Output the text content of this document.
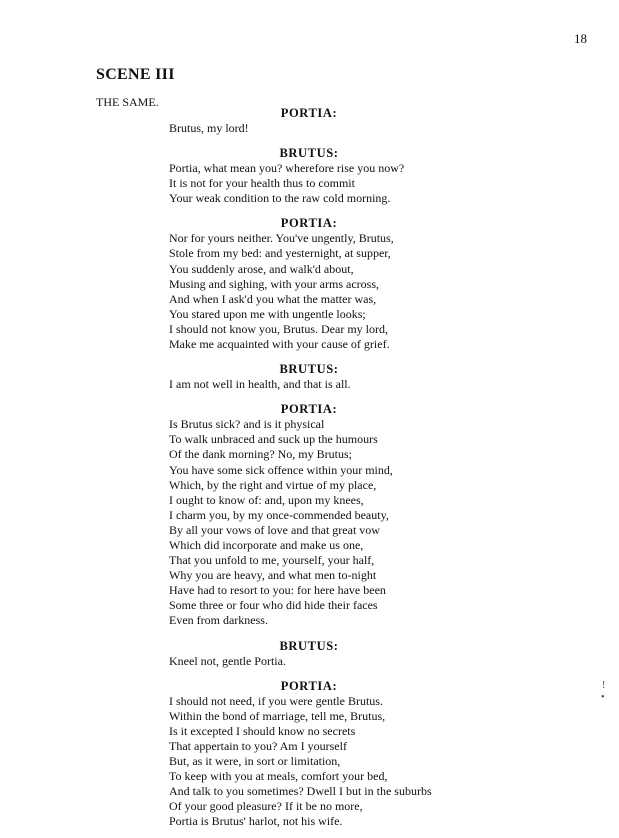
18
SCENE III
THE SAME.
PORTIA:
Brutus, my lord!
BRUTUS:
Portia, what mean you? wherefore rise you now?
It is not for your health thus to commit
Your weak condition to the raw cold morning.
PORTIA:
Nor for yours neither. You've ungently, Brutus,
Stole from my bed: and yesternight, at supper,
You suddenly arose, and walk'd about,
Musing and sighing, with your arms across,
And when I ask'd you what the matter was,
You stared upon me with ungentle looks;
I should not know you, Brutus. Dear my lord,
Make me acquainted with your cause of grief.
BRUTUS:
I am not well in health, and that is all.
PORTIA:
Is Brutus sick? and is it physical
To walk unbraced and suck up the humours
Of the dank morning? No, my Brutus;
You have some sick offence within your mind,
Which, by the right and virtue of my place,
I ought to know of: and, upon my knees,
I charm you, by my once-commended beauty,
By all your vows of love and that great vow
Which did incorporate and make us one,
That you unfold to me, yourself, your half,
Why you are heavy, and what men to-night
Have had to resort to you: for here have been
Some three or four who did hide their faces
Even from darkness.
BRUTUS:
Kneel not, gentle Portia.
PORTIA:
I should not need, if you were gentle Brutus.
Within the bond of marriage, tell me, Brutus,
Is it excepted I should know no secrets
That appertain to you? Am I yourself
But, as it were, in sort or limitation,
To keep with you at meals, comfort your bed,
And talk to you sometimes? Dwell I but in the suburbs
Of your good pleasure? If it be no more,
Portia is Brutus' harlot, not his wife.
ǃ
•
